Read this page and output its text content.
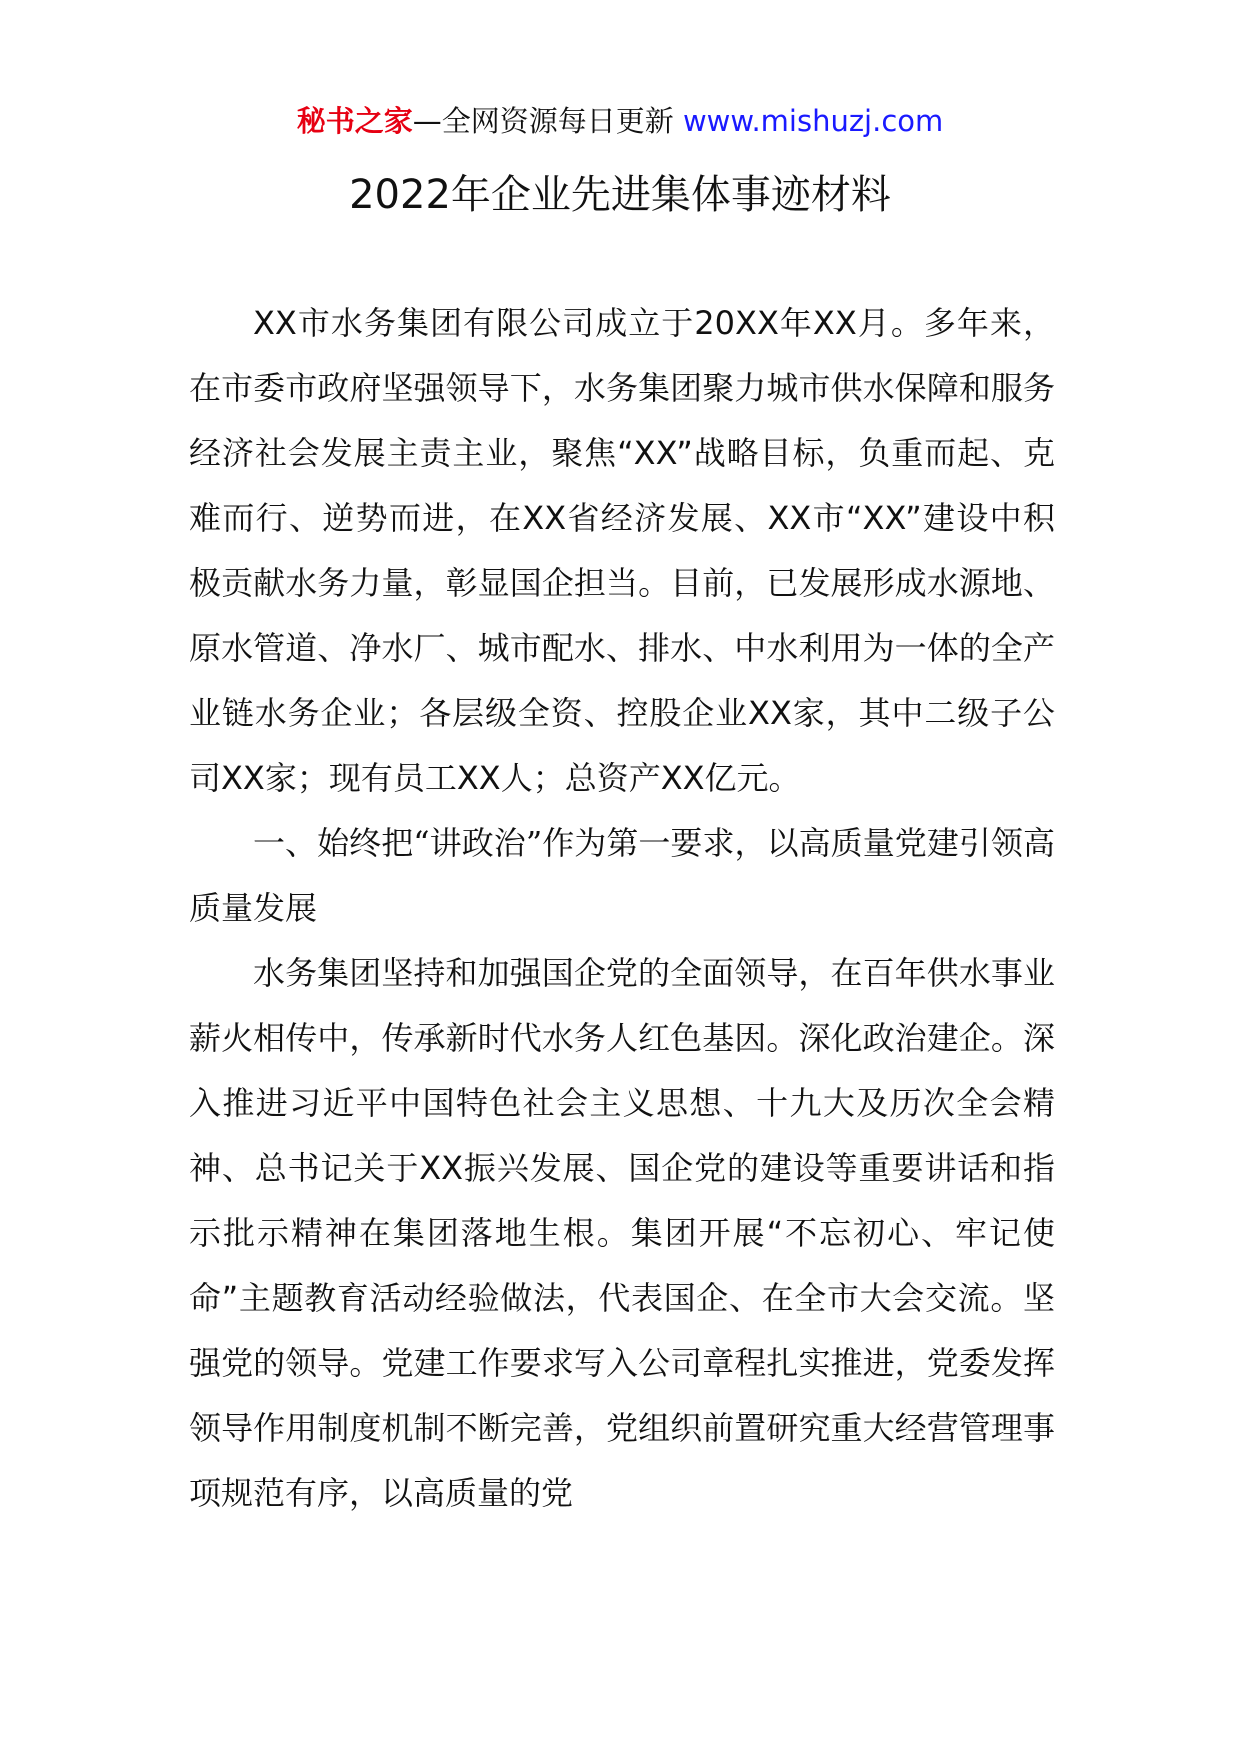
秘书之家—全网资源每日更新 www.mishuzj.com
2022年企业先进集体事迹材料

XX市水务集团有限公司成立于20XX年XX月。多年来，在市委市政府坚强领导下，水务集团聚力城市供水保障和服务经济社会发展主责主业，聚焦“XX”战略目标，负重而起、克难而行、逆势而进，在XX省经济发展、XX市“XX”建设中积极贡献水务力量，彰显国企担当。目前，已发展形成水源地、原水管道、净水厂、城市配水、排水、中水利用为一体的全产业链水务企业；各层级全资、控股企业XX家，其中二级子公司XX家；现有员工XX人；总资产XX亿元。

一、始终把“讲政治”作为第一要求，以高质量党建引领高质量发展

水务集团坚持和加强国企党的全面领导，在百年供水事业薪火相传中，传承新时代水务人红色基因。深化政治建企。深入推进习近平中国特色社会主义思想、十九大及历次全会精神、总书记关于XX振兴发展、国企党的建设等重要讲话和指示批示精神在集团落地生根。集团开展“不忘初心、牢记使命”主题教育活动经验做法，代表国企、在全市大会交流。坚强党的领导。党建工作要求写入公司章程扎实推进，党委发挥领导作用制度机制不断完善，党组织前置研究重大经营管理事项规范有序，以高质量的党
